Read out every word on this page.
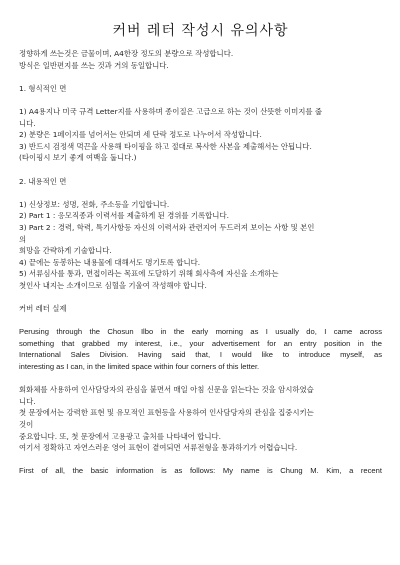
커버 레터 작성시 유의사항
정향하게 쓰는것은 금물이며, A4한장 정도의 분량으로 작성합니다.
방식은 일반편지를 쓰는 것과 거의 동일합니다.
1. 형식적인 면
1) A4용지나 미국 규격 Letter지를 사용하며 종이질은 고급으로 하는 것이 산뜻한 이미지를 줍
니다.
2) 분량은 1페이지를 넘어서는 안되며 세 단락 정도로 나누어서 작성합니다.
3) 반드시 검정색 먹끈을 사용해 타이핑을 하고 절대로 복사한 사본을 제출해서는 안됩니다.
(타이핑시 보기 좋게 여백을 둡니다.)
2. 내용적인 면
1) 신상정보: 성명, 전화, 주소등을 기입합니다.
2) Part 1 : 응모직종과 이력서를 제출하게 된 경위를 기록합니다.
3) Part 2 : 경력, 학력, 특기사항등 자신의 이력서와 관련지어 두드러져 보이는 사항 및 본인
의
희망을 간략하게 기술합니다.
4) 끝에는 동봉하는 내용물에 대해서도 명기토록 합니다.
5) 서류심사를 통과, 면접이라는 목표에 도달하기 위해 회사측에 자신을 소개하는
첫인사 내지는 소개이므로 심혈을 기울여 작성해야 합니다.
커버 레터 실제
Perusing through the Chosun Ilbo in the early morning as I usually do, I came across
something that grabbed my interest, i.e., your advertisement for an entry position in the
International Sales Division. Having said that, I would like to introduce myself, as
interesting as I can, in the limited space within four corners of this letter.
회화체를 사용하여 인사담당자의 관심을 붙면서 매일 아침 신문을 읽는다는 것을 암시하였습
니다.
첫 문장에서는 강력한 표현 및 유모적인 표현등을 사용하여 인사담당자의 관심을 집중시키는
것이
중요합니다. 또, 첫 문장에서 고용광고 출처를 나타내어 합니다.
여기서 정확하고 자연스러운 영어 표현이 곁여되면 서류전형을 통과하기가 어렵습니다.
First of all, the basic information is as follows: My name is Chung M. Kim, a recent
